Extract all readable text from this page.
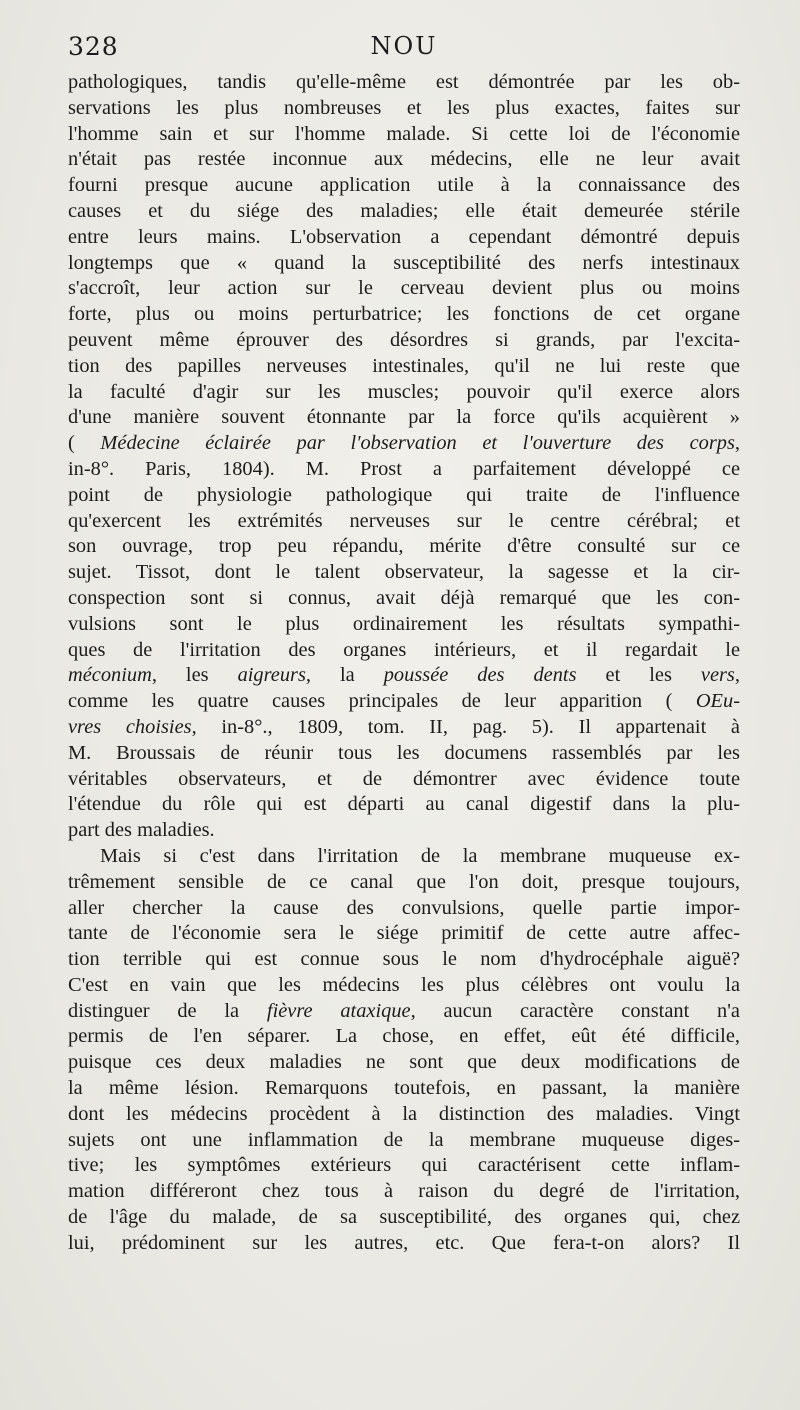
328	NOU
pathologiques, tandis qu'elle-même est démontrée par les ob-
servations les plus nombreuses et les plus exactes, faites sur
l'homme sain et sur l'homme malade. Si cette loi de l'économie
n'était pas restée inconnue aux médecins, elle ne leur avait
fourni presque aucune application utile à la connaissance des
causes et du siége des maladies; elle était demeurée stérile
entre leurs mains. L'observation a cependant démontré depuis
longtemps que « quand la susceptibilité des nerfs intestinaux
s'accroît, leur action sur le cerveau devient plus ou moins
forte, plus ou moins perturbatrice; les fonctions de cet organe
peuvent même éprouver des désordres si grands, par l'excita-
tion des papilles nerveuses intestinales, qu'il ne lui reste que
la faculté d'agir sur les muscles; pouvoir qu'il exerce alors
d'une manière souvent étonnante par la force qu'ils acquièrent »
( Médecine éclairée par l'observation et l'ouverture des corps,
in-8°. Paris, 1804). M. Prost a parfaitement développé ce
point de physiologie pathologique qui traite de l'influence
qu'exercent les extrémités nerveuses sur le centre cérébral; et
son ouvrage, trop peu répandu, mérite d'être consulté sur ce
sujet. Tissot, dont le talent observateur, la sagesse et la cir-
conspection sont si connus, avait déjà remarqué que les con-
vulsions sont le plus ordinairement les résultats sympathi-
ques de l'irritation des organes intérieurs, et il regardait le
méconium, les aigreurs, la poussée des dents et les vers,
comme les quatre causes principales de leur apparition ( OEu-
vres choisies, in-8°., 1809, tom. II, pag. 5). Il appartenait à
M. Broussais de réunir tous les documens rassemblés par les
véritables observateurs, et de démontrer avec évidence toute
l'étendue du rôle qui est départi au canal digestif dans la plu-
part des maladies.
Mais si c'est dans l'irritation de la membrane muqueuse ex-
trêmement sensible de ce canal que l'on doit, presque toujours,
aller chercher la cause des convulsions, quelle partie impor-
tante de l'économie sera le siége primitif de cette autre affec-
tion terrible qui est connue sous le nom d'hydrocéphale aiguë?
C'est en vain que les médecins les plus célèbres ont voulu la
distinguer de la fièvre ataxique, aucun caractère constant n'a
permis de l'en séparer. La chose, en effet, eût été difficile,
puisque ces deux maladies ne sont que deux modifications de
la même lésion. Remarquons toutefois, en passant, la manière
dont les médecins procèdent à la distinction des maladies. Vingt
sujets ont une inflammation de la membrane muqueuse diges-
tive; les symptômes extérieurs qui caractérisent cette inflam-
mation différeront chez tous à raison du degré de l'irritation,
de l'âge du malade, de sa susceptibilité, des organes qui, chez
lui, prédominent sur les autres, etc. Que fera-t-on alors? Il
